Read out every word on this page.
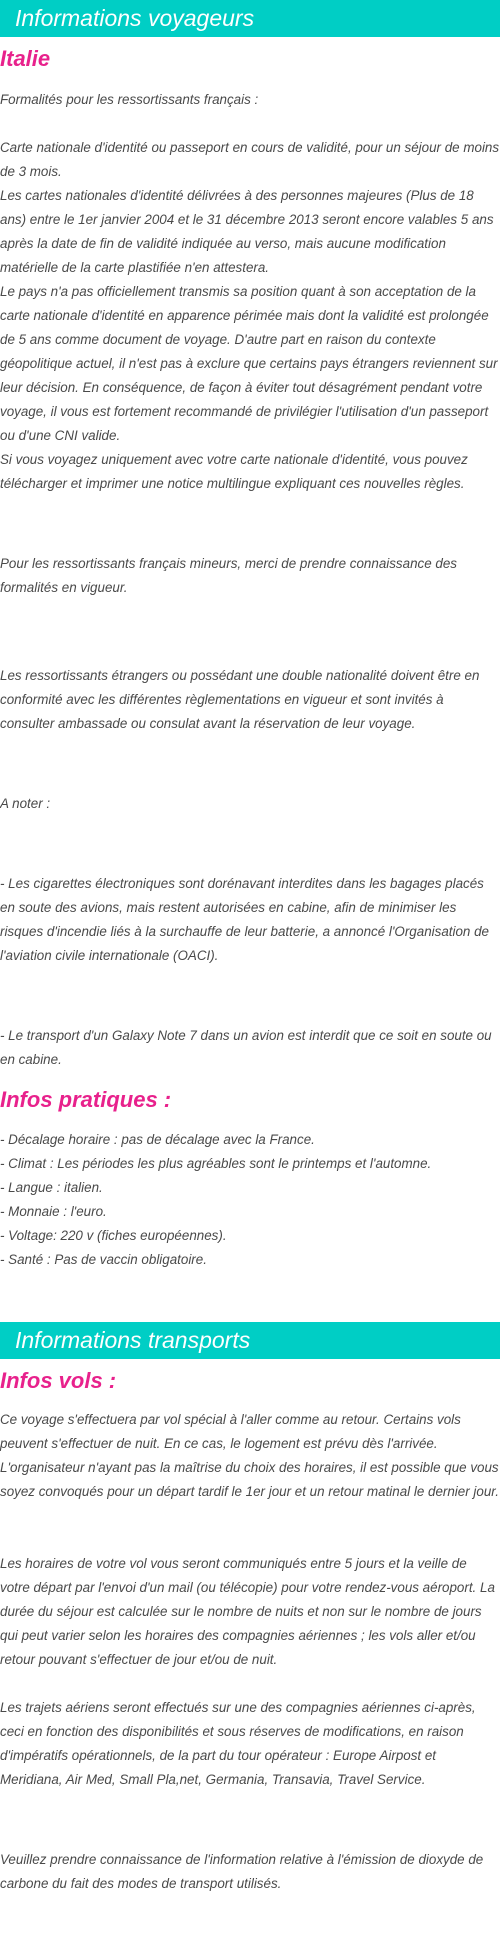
Informations voyageurs
Italie

Formalités pour les ressortissants français :

Carte nationale d'identité ou passeport en cours de validité, pour un séjour de moins de 3 mois.

Les cartes nationales d'identité délivrées à des personnes majeures (Plus de 18 ans) entre le 1er janvier 2004 et le 31 décembre 2013 seront encore valables 5 ans après la date de fin de validité indiquée au verso, mais aucune modification matérielle de la carte plastifiée n'en attestera.

Le pays n'a pas officiellement transmis sa position quant à son acceptation de la carte nationale d'identité en apparence périmée mais dont la validité est prolongée de 5 ans comme document de voyage. D'autre part en raison du contexte géopolitique actuel, il n'est pas à exclure que certains pays étrangers reviennent sur leur décision. En conséquence, de façon à éviter tout désagrément pendant votre voyage, il vous est fortement recommandé de privilégier l'utilisation d'un passeport ou d'une CNI valide.

Si vous voyagez uniquement avec votre carte nationale d'identité, vous pouvez télécharger et imprimer une notice multilingue expliquant ces nouvelles règles.

Pour les ressortissants français mineurs, merci de prendre connaissance des formalités en vigueur.

Les ressortissants étrangers ou possédant une double nationalité doivent être en conformité avec les différentes règlementations en vigueur et sont invités à consulter ambassade ou consulat avant la réservation de leur voyage.

A noter :

- Les cigarettes électroniques sont dorénavant interdites dans les bagages placés en soute des avions, mais restent autorisées en cabine, afin de minimiser les risques d'incendie liés à la surchauffe de leur batterie, a annoncé l'Organisation de l'aviation civile internationale (OACI).

- Le transport d'un Galaxy Note 7 dans un avion est interdit que ce soit en soute ou en cabine.

Infos pratiques :

- Décalage horaire : pas de décalage avec la France.

- Climat : Les périodes les plus agréables sont le printemps et l'automne.

- Langue : italien.

- Monnaie : l'euro.

- Voltage: 220 v (fiches européennes).

- Santé : Pas de vaccin obligatoire.

Informations transports
Infos vols :

Ce voyage s'effectuera par vol spécial à l'aller comme au retour. Certains vols peuvent s'effectuer de nuit. En ce cas, le logement est prévu dès l'arrivée. L'organisateur n'ayant pas la maîtrise du choix des horaires, il est possible que vous soyez convoqués pour un départ tardif le 1er jour et un retour matinal le dernier jour.

Les horaires de votre vol vous seront communiqués entre 5 jours et la veille de votre départ par l'envoi d'un mail (ou télécopie) pour votre rendez-vous aéroport. La durée du séjour est calculée sur le nombre de nuits et non sur le nombre de jours qui peut varier selon les horaires des compagnies aériennes ; les vols aller et/ou retour pouvant s'effectuer de jour et/ou de nuit.

Les trajets aériens seront effectués sur une des compagnies aériennes ci-après, ceci en fonction des disponibilités et sous réserves de modifications, en raison d'impératifs opérationnels, de la part du tour opérateur : Europe Airpost et Meridiana, Air Med, Small Pla,net, Germania, Transavia, Travel Service.

Veuillez prendre connaissance de l'information relative à l'émission de dioxyde de carbone du fait des modes de transport utilisés.
